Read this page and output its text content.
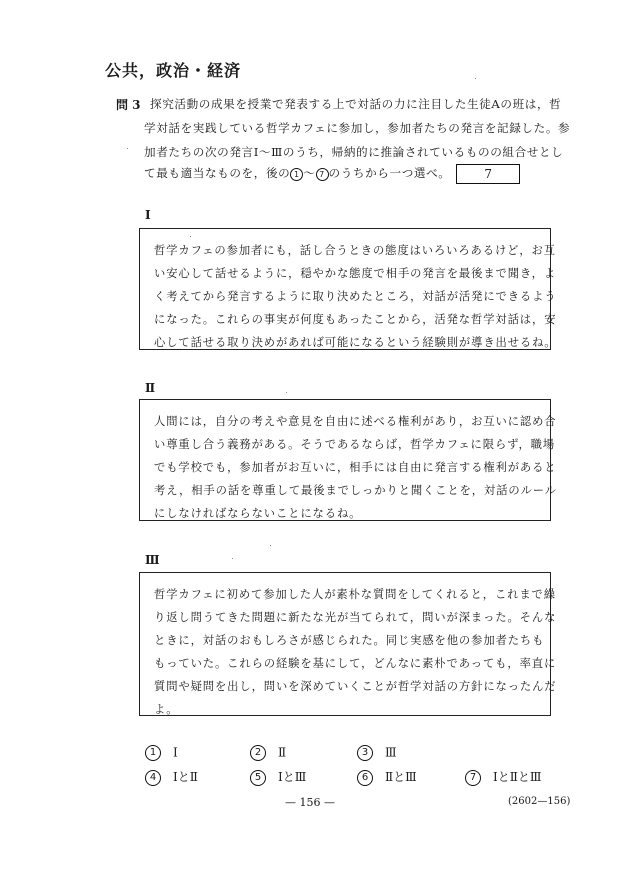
公共，政治・経済
問 3 探究活動の成果を授業で発表する上で対話の力に注目した生徒Aの班は，哲
学対話を実践している哲学カフェに参加し，参加者たちの発言を記録した。参
加者たちの次の発言Ⅰ～Ⅲのうち，帰納的に推論されているものの組合せとし
て最も適当なものを，後の 1 ～ 7 のうちから一つ選べ。	7
Ⅰ

哲学カフェの参加者にも，話し合うときの態度はいろいろあるけど，お互

い安心して話せるように，穏やかな態度で相手の発言を最後まで聞き，よ

く考えてから発言するように取り決めたところ，対話が活発にできるよう

になった。これらの事実が何度もあったことから，活発な哲学対話は，安

心して話せる取り決めがあれば可能になるという経験則が導き出せるね。

Ⅱ

人間には，自分の考えや意見を自由に述べる権利があり，お互いに認め合

い尊重し合う義務がある。そうであるならば，哲学カフェに限らず，職場

でも学校でも，参加者がお互いに，相手には自由に発言する権利があると

考え，相手の話を尊重して最後までしっかりと聞くことを，対話のルール

にしなければならないことになるね。

Ⅲ

哲学カフェに初めて参加した人が素朴な質問をしてくれると，これまで繰

り返し問うてきた問題に新たな光が当てられて，問いが深まった。そんな

ときに，対話のおもしろさが感じられた。同じ実感を他の参加者たちも

もっていた。これらの経験を基にして，どんなに素朴であっても，率直に

質問や疑問を出し，問いを深めていくことが哲学対話の方針になったんだ

よ。

1 Ⅰ	2 Ⅱ	3 Ⅲ
4 ⅠとⅡ	5 ⅠとⅢ	6 ⅡとⅢ	7 ⅠとⅡとⅢ
— 156 —	(2602—156)
